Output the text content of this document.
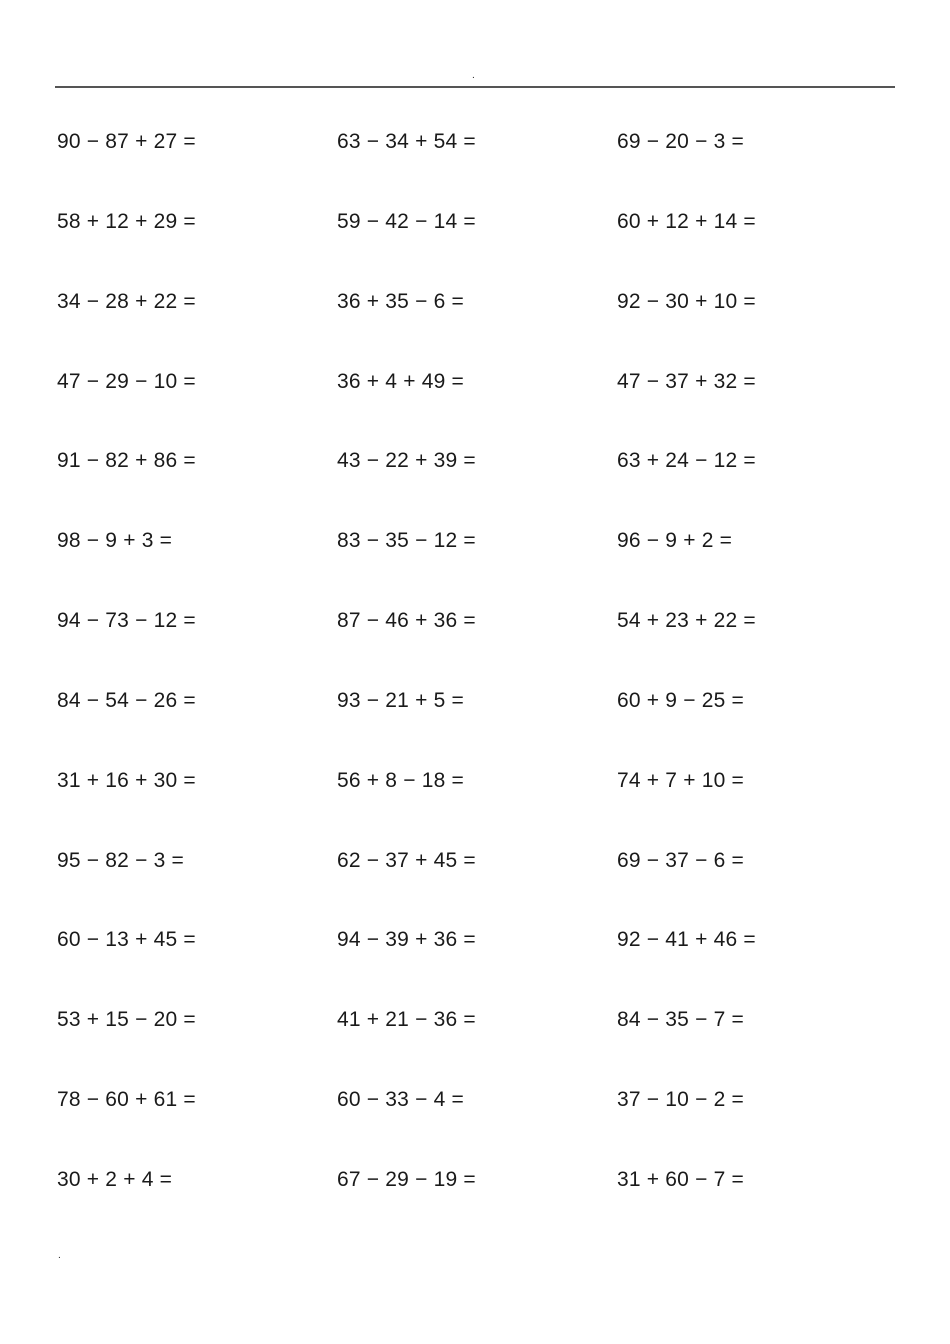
.
90 − 87 + 27 =	63 − 34 + 54 =	69 − 20 − 3 =
58 + 12 + 29 =	59 − 42 − 14 =	60 + 12 + 14 =
34 − 28 + 22 =	36 + 35 − 6 =	92 − 30 + 10 =
47 − 29 − 10 =	36 + 4 + 49 =	47 − 37 + 32 =
91 − 82 + 86 =	43 − 22 + 39 =	63 + 24 − 12 =
98 − 9 + 3 =	83 − 35 − 12 =	96 − 9 + 2 =
94 − 73 − 12 =	87 − 46 + 36 =	54 + 23 + 22 =
84 − 54 − 26 =	93 − 21 + 5 =	60 + 9 − 25 =
31 + 16 + 30 =	56 + 8 − 18 =	74 + 7 + 10 =
95 − 82 − 3 =	62 − 37 + 45 =	69 − 37 − 6 =
60 − 13 + 45 =	94 − 39 + 36 =	92 − 41 + 46 =
53 + 15 − 20 =	41 + 21 − 36 =	84 − 35 − 7 =
78 − 60 + 61 =	60 − 33 − 4 =	37 − 10 − 2 =
30 + 2 + 4 =	67 − 29 − 19 =	31 + 60 − 7 =
.
